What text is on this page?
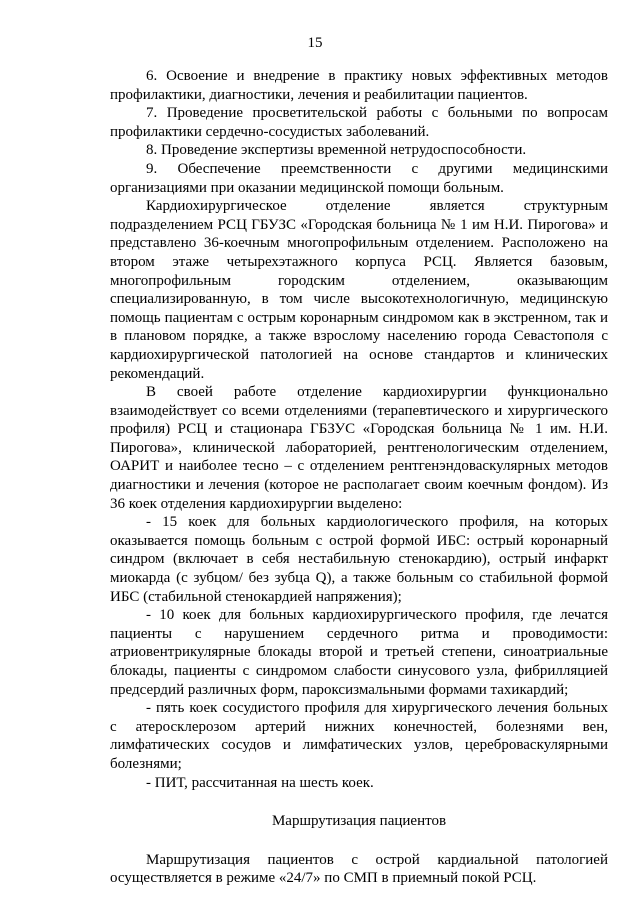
15

6. Освоение и внедрение в практику новых эффективных методов профилактики, диагностики, лечения и реабилитации пациентов.

7. Проведение просветительской работы с больными по вопросам профилактики сердечно-сосудистых заболеваний.

8. Проведение экспертизы временной нетрудоспособности.

9. Обеспечение преемственности с другими медицинскими организациями при оказании медицинской помощи больным.

Кардиохирургическое отделение является структурным подразделением РСЦ ГБУЗС «Городская больница № 1 им Н.И. Пирогова» и представлено 36-коечным многопрофильным отделением. Расположено на втором этаже четырехэтажного корпуса РСЦ. Является базовым, многопрофильным городским отделением, оказывающим специализированную, в том числе высокотехнологичную, медицинскую помощь пациентам с острым коронарным синдромом как в экстренном, так и в плановом порядке, а также взрослому населению города Севастополя с кардиохирургической патологией на основе стандартов и клинических рекомендаций.

В своей работе отделение кардиохирургии функционально взаимодействует со всеми отделениями (терапевтического и хирургического профиля) РСЦ и стационара ГБЗУС «Городская больница № 1 им. Н.И. Пирогова», клинической лабораторией, рентгенологическим отделением, ОАРИТ и наиболее тесно – с отделением рентгенэндоваскулярных методов диагностики и лечения (которое не располагает своим коечным фондом). Из 36 коек отделения кардиохирургии выделено:

- 15 коек для больных кардиологического профиля, на которых оказывается помощь больным с острой формой ИБС: острый коронарный синдром (включает в себя нестабильную стенокардию), острый инфаркт миокарда (с зубцом/ без зубца Q), а также больным со стабильной формой ИБС (стабильной стенокардией напряжения);

- 10 коек для больных кардиохирургического профиля, где лечатся пациенты с нарушением сердечного ритма и проводимости: атриовентрикулярные блокады второй и третьей степени, синоатриальные блокады, пациенты с синдромом слабости синусового узла, фибрилляцией предсердий различных форм, пароксизмальными формами тахикардий;

- пять коек сосудистого профиля для хирургического лечения больных с атеросклерозом артерий нижних конечностей, болезнями вен, лимфатических сосудов и лимфатических узлов, цереброваскулярными болезнями;

- ПИТ, рассчитанная на шесть коек.

Маршрутизация пациентов

Маршрутизация пациентов с острой кардиальной патологией осуществляется в режиме «24/7» по СМП в приемный покой РСЦ.
